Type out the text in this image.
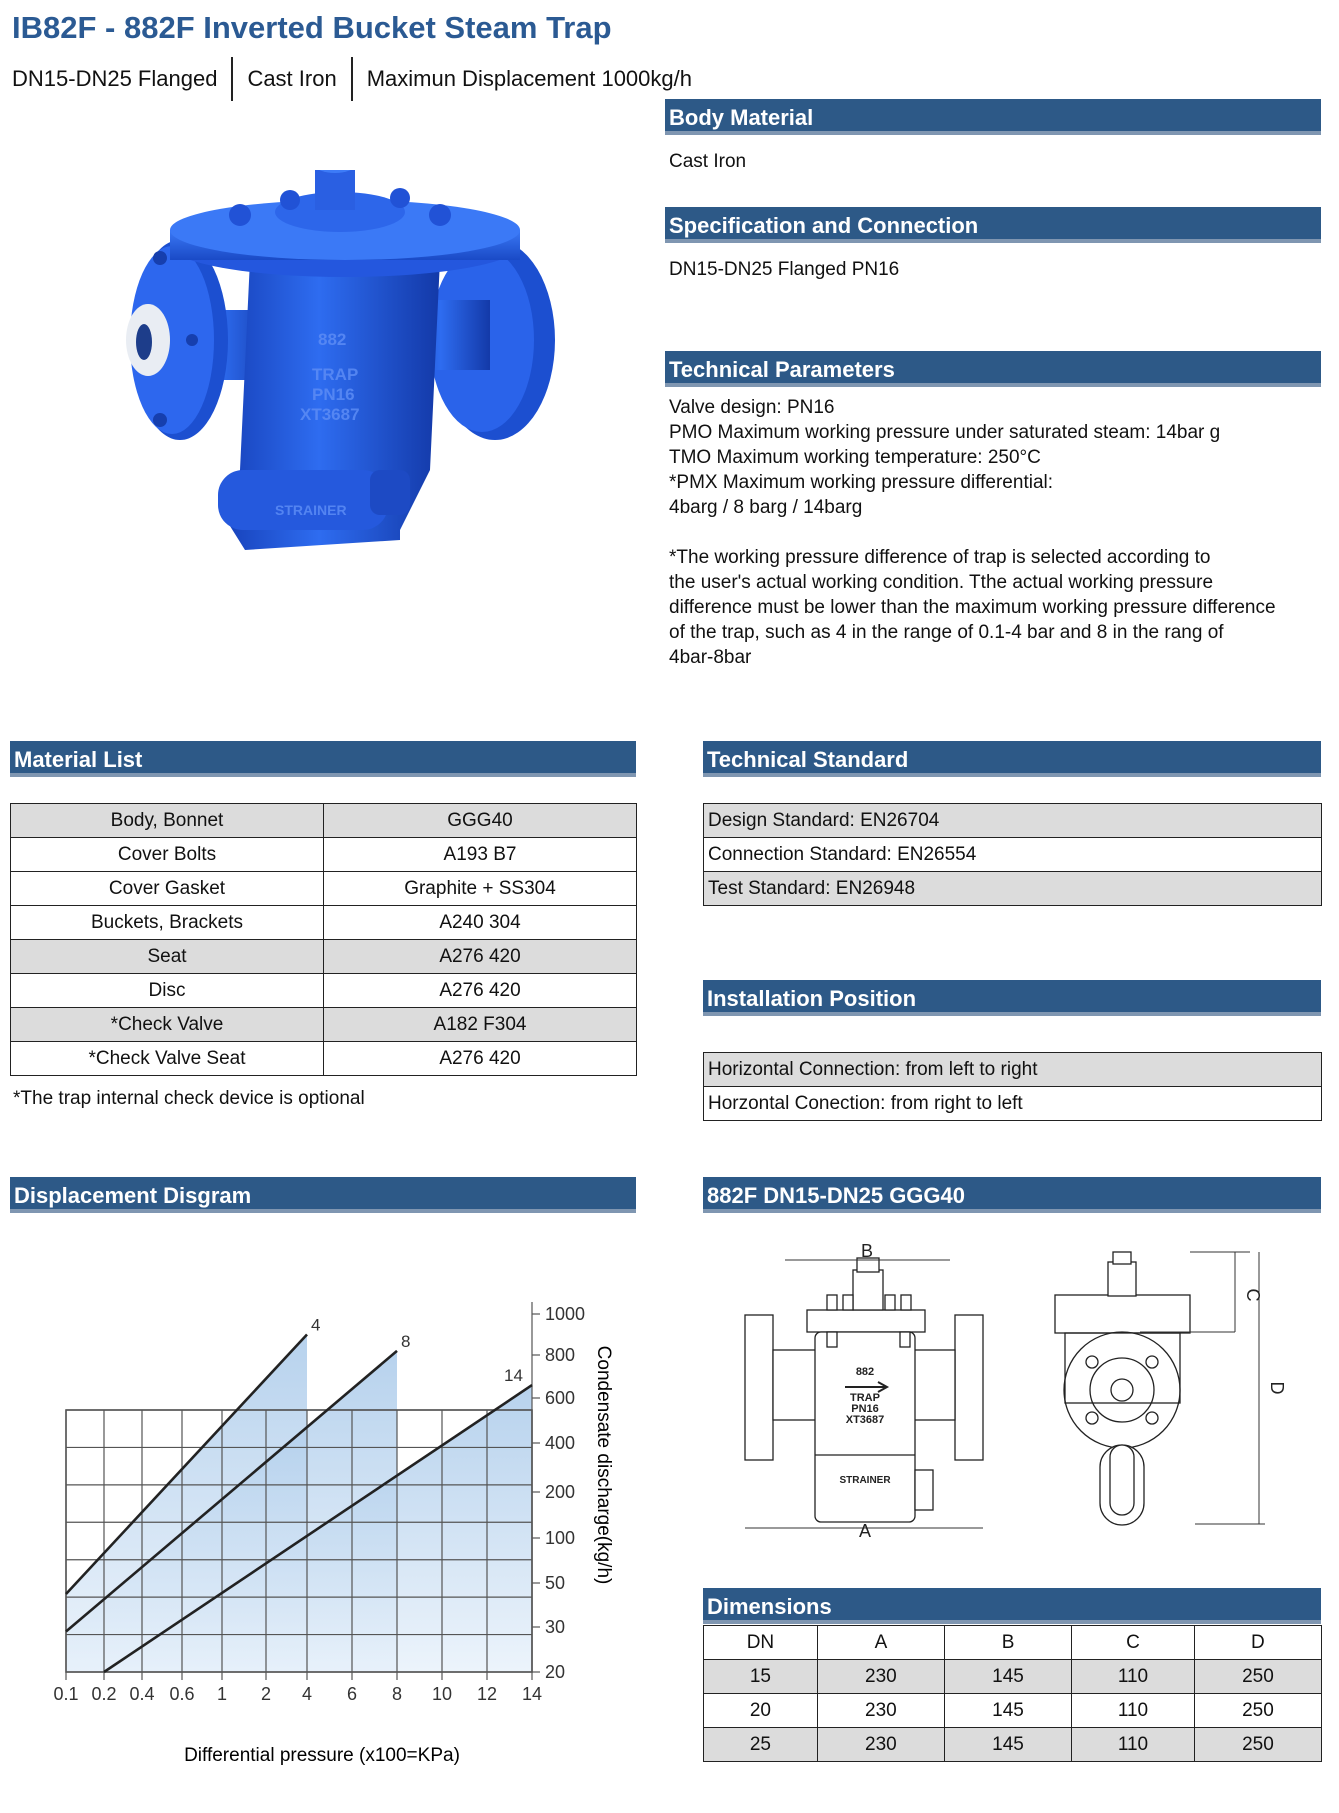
IB82F - 882F Inverted Bucket Steam Trap
DN15-DN25 Flanged Cast Iron Maximun Displacement 1000kg/h
882
TRAP
PN16
XT3687
STRAINER
Body Material
Cast Iron
Specification and Connection
DN15-DN25 Flanged PN16
Technical Parameters
Valve design: PN16
PMO Maximum working pressure under saturated steam: 14bar g
TMO Maximum working temperature: 250°C
*PMX Maximum working pressure differential:
4barg / 8 barg / 14barg
*The working pressure difference of trap is selected according to
the user's actual working condition. Tthe actual working pressure
difference must be lower than the maximum working pressure difference
of the trap, such as 4 in the range of 0.1-4 bar and 8 in the rang of
4bar-8bar
Material List
Body, Bonnet	GGG40
Cover Bolts	A193 B7
Cover Gasket	Graphite + SS304
Buckets, Brackets	A240 304
Seat	A276 420
Disc	A276 420
*Check Valve	A182 F304
*Check Valve Seat	A276 420
*The trap internal check device is optional
Technical Standard
Design Standard: EN26704
Connection Standard: EN26554
Test Standard: EN26948
Installation Position
Horizontal Connection: from left to right
Horzontal Conection: from right to left
Displacement Disgram
0.1 0.2 0.4 0.6 1 2 4 6 8 10 12 14
20
30
50
100
200
400
600
800
1000
4
8
14
Differential pressure (x100=KPa)
Condensate discharge(kg/h)
882F DN15-DN25 GGG40
882
TRAP
PN16
XT3687
STRAINER
B
A
C
D
Dimensions
DN	A	B	C	D
15	230	145	110	250
20	230	145	110	250
25	230	145	110	250
